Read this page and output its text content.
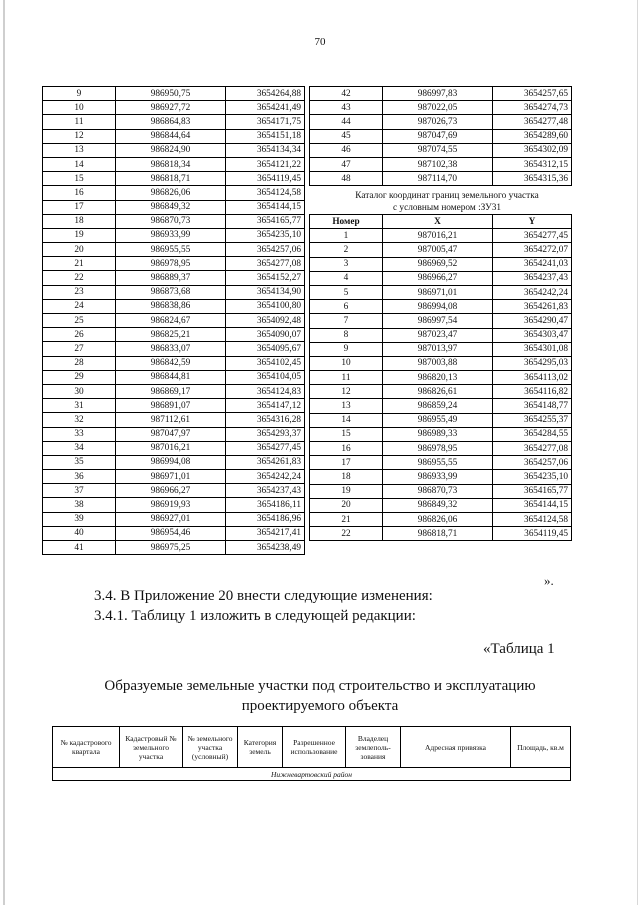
70
9	986950,75	3654264,88
10	986927,72	3654241,49
11	986864,83	3654171,75
12	986844,64	3654151,18
13	986824,90	3654134,34
14	986818,34	3654121,22
15	986818,71	3654119,45
16	986826,06	3654124,58
17	986849,32	3654144,15
18	986870,73	3654165,77
19	986933,99	3654235,10
20	986955,55	3654257,06
21	986978,95	3654277,08
22	986889,37	3654152,27
23	986873,68	3654134,90
24	986838,86	3654100,80
25	986824,67	3654092,48
26	986825,21	3654090,07
27	986833,07	3654095,67
28	986842,59	3654102,45
29	986844,81	3654104,05
30	986869,17	3654124,83
31	986891,07	3654147,12
32	987112,61	3654316,28
33	987047,97	3654293,37
34	987016,21	3654277,45
35	986994,08	3654261,83
36	986971,01	3654242,24
37	986966,27	3654237,43
38	986919,93	3654186,11
39	986927,01	3654186,96
40	986954,46	3654217,41
41	986975,25	3654238,49
42	986997,83	3654257,65
43	987022,05	3654274,73
44	987026,73	3654277,48
45	987047,69	3654289,60
46	987074,55	3654302,09
47	987102,38	3654312,15
48	987114,70	3654315,36
Каталог координат границ земельного участка
с условным номером :ЗУ31
Номер	X	Y
1	987016,21	3654277,45
2	987005,47	3654272,07
3	986969,52	3654241,03
4	986966,27	3654237,43
5	986971,01	3654242,24
6	986994,08	3654261,83
7	986997,54	3654290,47
8	987023,47	3654303,47
9	987013,97	3654301,08
10	987003,88	3654295,03
11	986820,13	3654113,02
12	986826,61	3654116,82
13	986859,24	3654148,77
14	986955,49	3654255,37
15	986989,33	3654284,55
16	986978,95	3654277,08
17	986955,55	3654257,06
18	986933,99	3654235,10
19	986870,73	3654165,77
20	986849,32	3654144,15
21	986826,06	3654124,58
22	986818,71	3654119,45
».
3.4. В Приложение 20 внести следующие изменения:
3.4.1. Таблицу 1 изложить в следующей редакции:
«Таблица 1
Образуемые земельные участки под строительство и эксплуатацию
проектируемого объекта
№ кадастрового квартала	Кадастровый № земельного участка	№ земельного участка (условный)	Категория земель	Разрешенное использование	Владелец землеполь-зования	Адресная привязка	Площадь, кв.м
Нижневартовский район
